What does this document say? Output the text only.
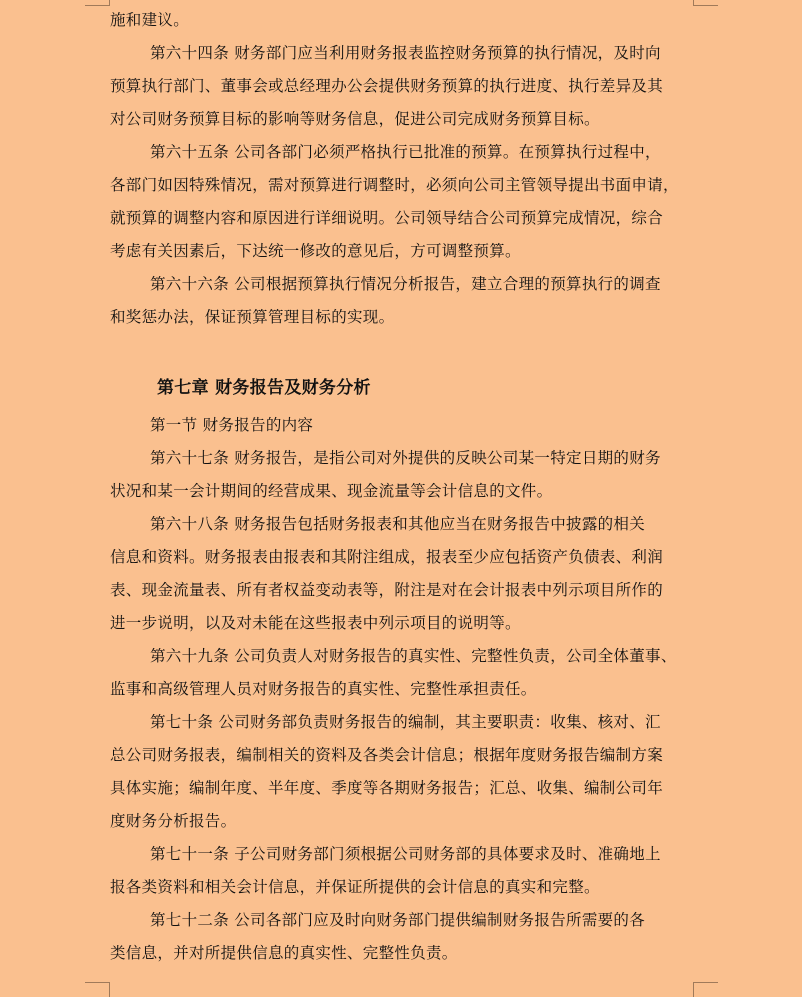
第七章 财务报告及财务分析
施和建议。
第六十四条 财务部门应当利用财务报表监控财务预算的执行情况，及时向
预算执行部门、董事会或总经理办公会提供财务预算的执行进度、执行差异及其
对公司财务预算目标的影响等财务信息，促进公司完成财务预算目标。
第六十五条 公司各部门必须严格执行已批准的预算。在预算执行过程中，
各部门如因特殊情况，需对预算进行调整时，必须向公司主管领导提出书面申请，
就预算的调整内容和原因进行详细说明。公司领导结合公司预算完成情况，综合
考虑有关因素后，下达统一修改的意见后，方可调整预算。
第六十六条 公司根据预算执行情况分析报告，建立合理的预算执行的调查
和奖惩办法，保证预算管理目标的实现。
第一节 财务报告的内容
第六十七条 财务报告，是指公司对外提供的反映公司某一特定日期的财务
状况和某一会计期间的经营成果、现金流量等会计信息的文件。
第六十八条 财务报告包括财务报表和其他应当在财务报告中披露的相关
信息和资料。财务报表由报表和其附注组成，报表至少应包括资产负债表、利润
表、现金流量表、所有者权益变动表等，附注是对在会计报表中列示项目所作的
进一步说明，以及对未能在这些报表中列示项目的说明等。
第六十九条 公司负责人对财务报告的真实性、完整性负责，公司全体董事、
监事和高级管理人员对财务报告的真实性、完整性承担责任。
第七十条 公司财务部负责财务报告的编制，其主要职责：收集、核对、汇
总公司财务报表，编制相关的资料及各类会计信息；根据年度财务报告编制方案
具体实施；编制年度、半年度、季度等各期财务报告；汇总、收集、编制公司年
度财务分析报告。
第七十一条 子公司财务部门须根据公司财务部的具体要求及时、准确地上
报各类资料和相关会计信息，并保证所提供的会计信息的真实和完整。
第七十二条 公司各部门应及时向财务部门提供编制财务报告所需要的各
类信息，并对所提供信息的真实性、完整性负责。
